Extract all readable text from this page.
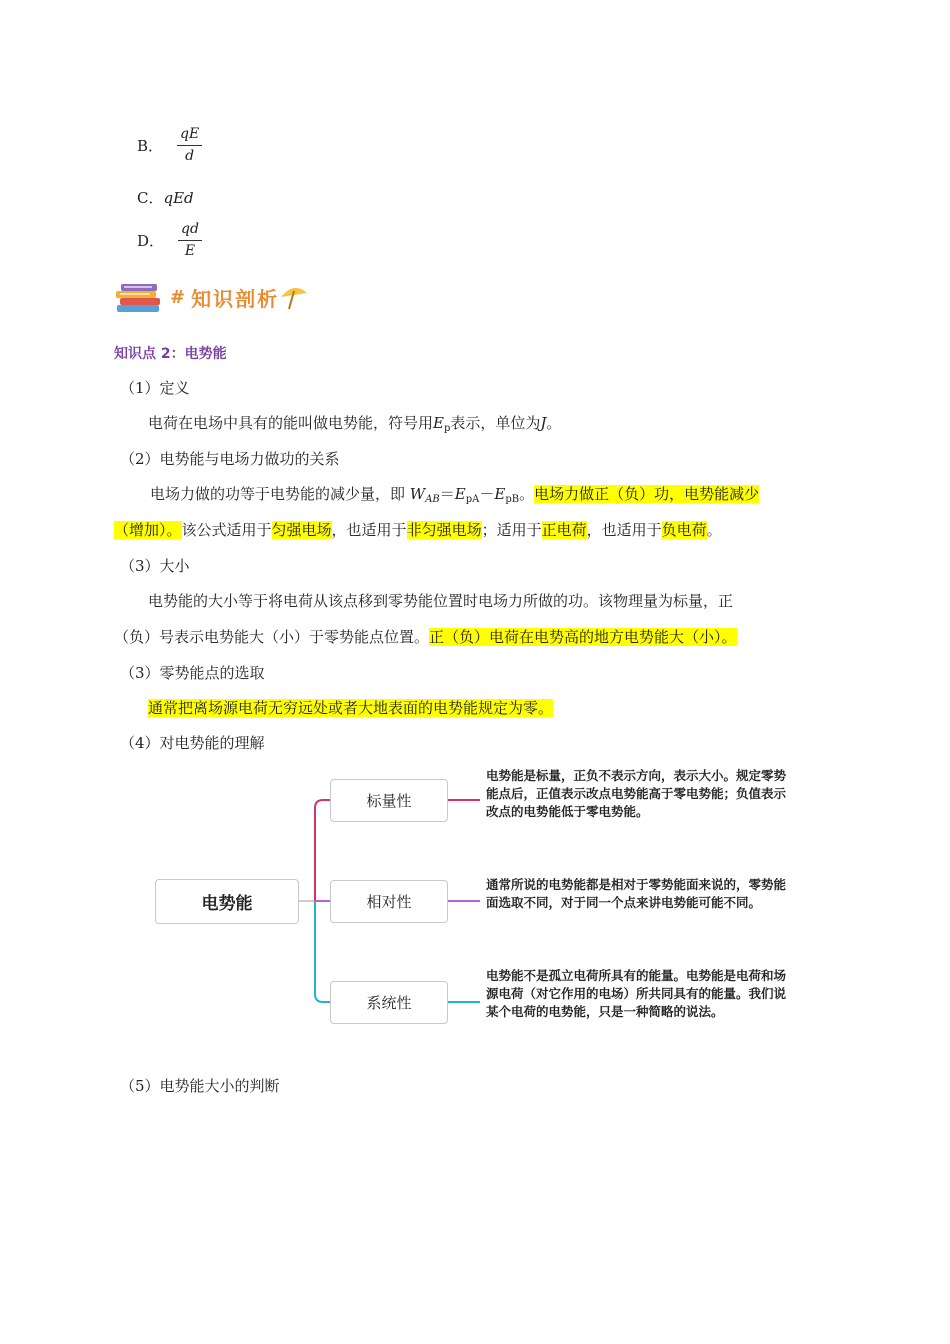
B． $\frac{qE}{d}$
C． qEd
D． $\frac{qd}{E}$
# 知识剖析
知识点 2：电势能
（1）定义
电荷在电场中具有的能叫做电势能，符号用$E_p$表示，单位为J。
（2）电势能与电场力做功的关系
电场力做的功等于电势能的减少量，即 $W_{AB}=E_{pA}-E_{pB}$。电场力做正（负）功，电势能减少
（增加）。该公式适用于匀强电场，也适用于非匀强电场；适用于正电荷，也适用于负电荷。
（3）大小
电势能的大小等于将电荷从该点移到零势能位置时电场力所做的功。该物理量为标量，正
（负）号表示电势能大（小）于零势能点位置。正（负）电荷在电势高的地方电势能大（小）。
（3）零势能点的选取
通常把离场源电荷无穷远处或者大地表面的电势能规定为零。
（4）对电势能的理解
电势能
标量性
相对性
系统性
电势能是标量，正负不表示方向，表示大小。规定零势能点后，正值表示改点电势能高于零电势能；负值表示改点的电势能低于零电势能。
通常所说的电势能都是相对于零势能面来说的，零势能面选取不同，对于同一个点来讲电势能可能不同。
电势能不是孤立电荷所具有的能量。电势能是电荷和场源电荷（对它作用的电场）所共同具有的能量。我们说某个电荷的电势能，只是一种简略的说法。
（5）电势能大小的判断
